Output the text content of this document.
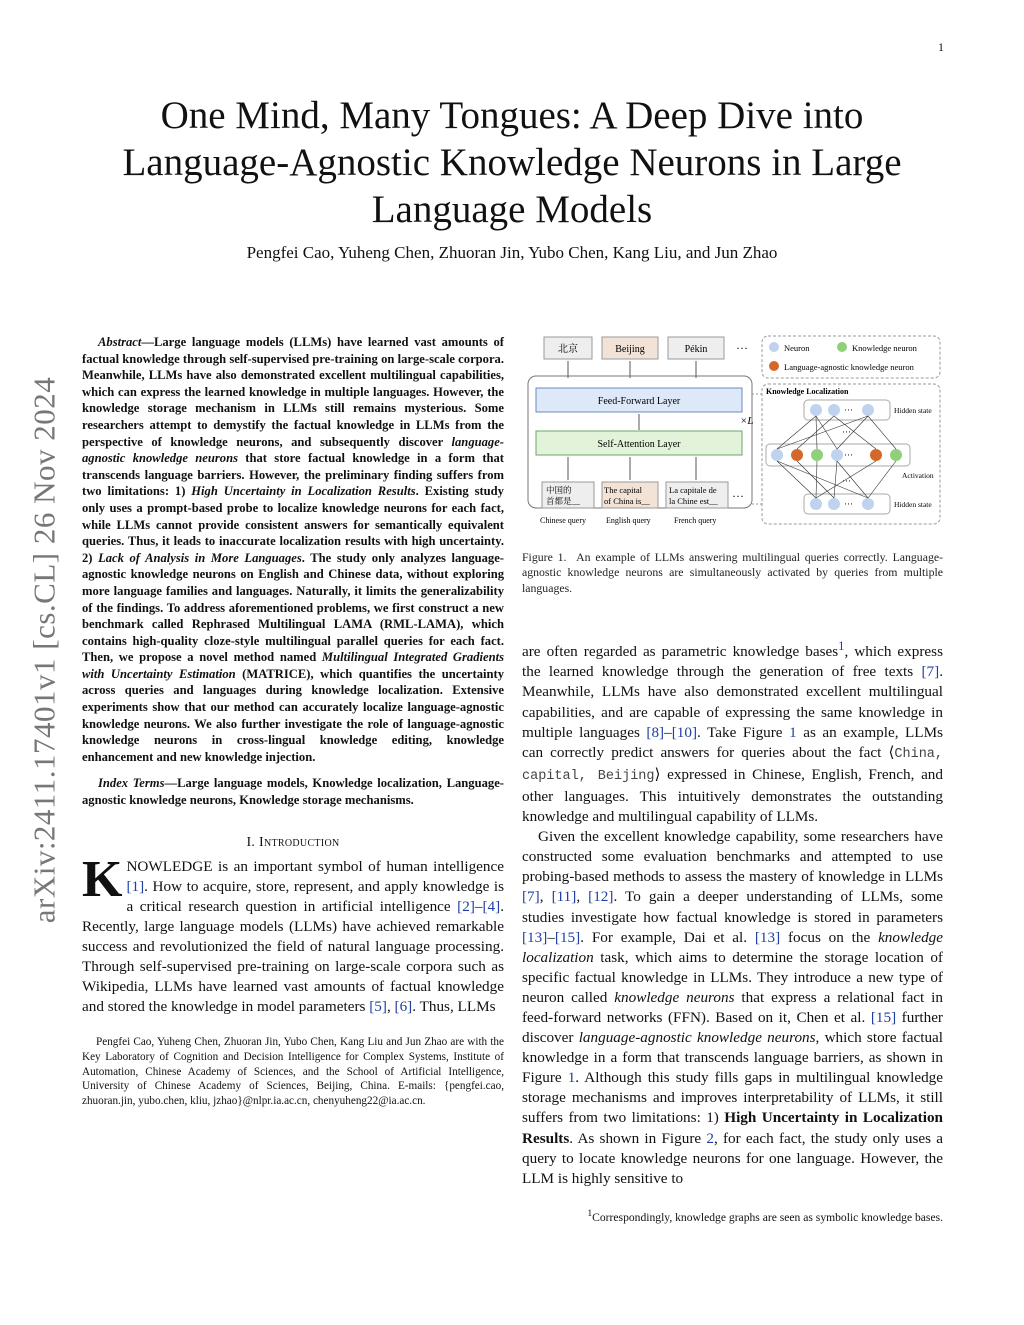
1
arXiv:2411.17401v1 [cs.CL] 26 Nov 2024
One Mind, Many Tongues: A Deep Dive into Language-Agnostic Knowledge Neurons in Large Language Models
Pengfei Cao, Yuheng Chen, Zhuoran Jin, Yubo Chen, Kang Liu, and Jun Zhao

Abstract—Large language models (LLMs) have learned vast amounts of factual knowledge through self-supervised pre-training on large-scale corpora. Meanwhile, LLMs have also demonstrated excellent multilingual capabilities, which can express the learned knowledge in multiple languages. However, the knowledge storage mechanism in LLMs still remains mysterious. Some researchers attempt to demystify the factual knowledge in LLMs from the perspective of knowledge neurons, and subsequently discover language-agnostic knowledge neurons that store factual knowledge in a form that transcends language barriers. However, the preliminary finding suffers from two limitations: 1) High Uncertainty in Localization Results. Existing study only uses a prompt-based probe to localize knowledge neurons for each fact, while LLMs cannot provide consistent answers for semantically equivalent queries. Thus, it leads to inaccurate localization results with high uncertainty. 2) Lack of Analysis in More Languages. The study only analyzes language-agnostic knowledge neurons on English and Chinese data, without exploring more language families and languages. Naturally, it limits the generalizability of the findings. To address aforementioned problems, we first construct a new benchmark called Rephrased Multilingual LAMA (RML-LAMA), which contains high-quality cloze-style multilingual parallel queries for each fact. Then, we propose a novel method named Multilingual Integrated Gradients with Uncertainty Estimation (MATRICE), which quantifies the uncertainty across queries and languages during knowledge localization. Extensive experiments show that our method can accurately localize language-agnostic knowledge neurons. We also further investigate the role of language-agnostic knowledge neurons in cross-lingual knowledge editing, knowledge enhancement and new knowledge injection.

Index Terms—Large language models, Knowledge localization, Language-agnostic knowledge neurons, Knowledge storage mechanisms.

I. Introduction

KNOWLEDGE is an important symbol of human intelligence [1]. How to acquire, store, represent, and apply knowledge is a critical research question in artificial intelligence [2]–[4]. Recently, large language models (LLMs) have achieved remarkable success and revolutionized the field of natural language processing. Through self-supervised pre-training on large-scale corpora such as Wikipedia, LLMs have learned vast amounts of factual knowledge and stored the knowledge in model parameters [5], [6]. Thus, LLMs

Pengfei Cao, Yuheng Chen, Zhuoran Jin, Yubo Chen, Kang Liu and Jun Zhao are with the Key Laboratory of Cognition and Decision Intelligence for Complex Systems, Institute of Automation, Chinese Academy of Sciences, and the School of Artificial Intelligence, University of Chinese Academy of Sciences, Beijing, China. E-mails: {pengfei.cao, zhuoran.jin, yubo.chen, kliu, jzhao}@nlpr.ia.ac.cn, chenyuheng22@ia.ac.cn.
北京	Beijing	Pékin ···
Feed-Forward Layer
Self-Attention Layer
×L
中国的
首都是__
The capital
of China is__
La capitale de
la Chine est__ ···
Chinese query	English query	French query
Neuron	Knowledge neuron
Language-agnostic knowledge neuron
Knowledge Localization
···	Hidden state
···
Activation
···	Hidden state
···
···

Figure 1. An example of LLMs answering multilingual queries correctly. Language-agnostic knowledge neurons are simultaneously activated by queries from multiple languages.

are often regarded as parametric knowledge bases$^1$, which express the learned knowledge through the generation of free texts [7]. Meanwhile, LLMs have also demonstrated excellent multilingual capabilities, and are capable of expressing the same knowledge in multiple languages [8]–[10]. Take Figure 1 as an example, LLMs can correctly predict answers for queries about the fact ⟨China, capital, Beijing⟩ expressed in Chinese, English, French, and other languages. This intuitively demonstrates the outstanding knowledge and multilingual capability of LLMs.

Given the excellent knowledge capability, some researchers have constructed some evaluation benchmarks and attempted to use probing-based methods to assess the mastery of knowledge in LLMs [7], [11], [12]. To gain a deeper understanding of LLMs, some studies investigate how factual knowledge is stored in parameters [13]–[15]. For example, Dai et al. [13] focus on the knowledge localization task, which aims to determine the storage location of specific factual knowledge in LLMs. They introduce a new type of neuron called knowledge neurons that express a relational fact in feed-forward networks (FFN). Based on it, Chen et al. [15] further discover language-agnostic knowledge neurons, which store factual knowledge in a form that transcends language barriers, as shown in Figure 1. Although this study fills gaps in multilingual knowledge storage mechanisms and improves interpretability of LLMs, it still suffers from two limitations: 1) High Uncertainty in Localization Results. As shown in Figure 2, for each fact, the study only uses a query to locate knowledge neurons for one language. However, the LLM is highly sensitive to

$^1$Correspondingly, knowledge graphs are seen as symbolic knowledge bases.
